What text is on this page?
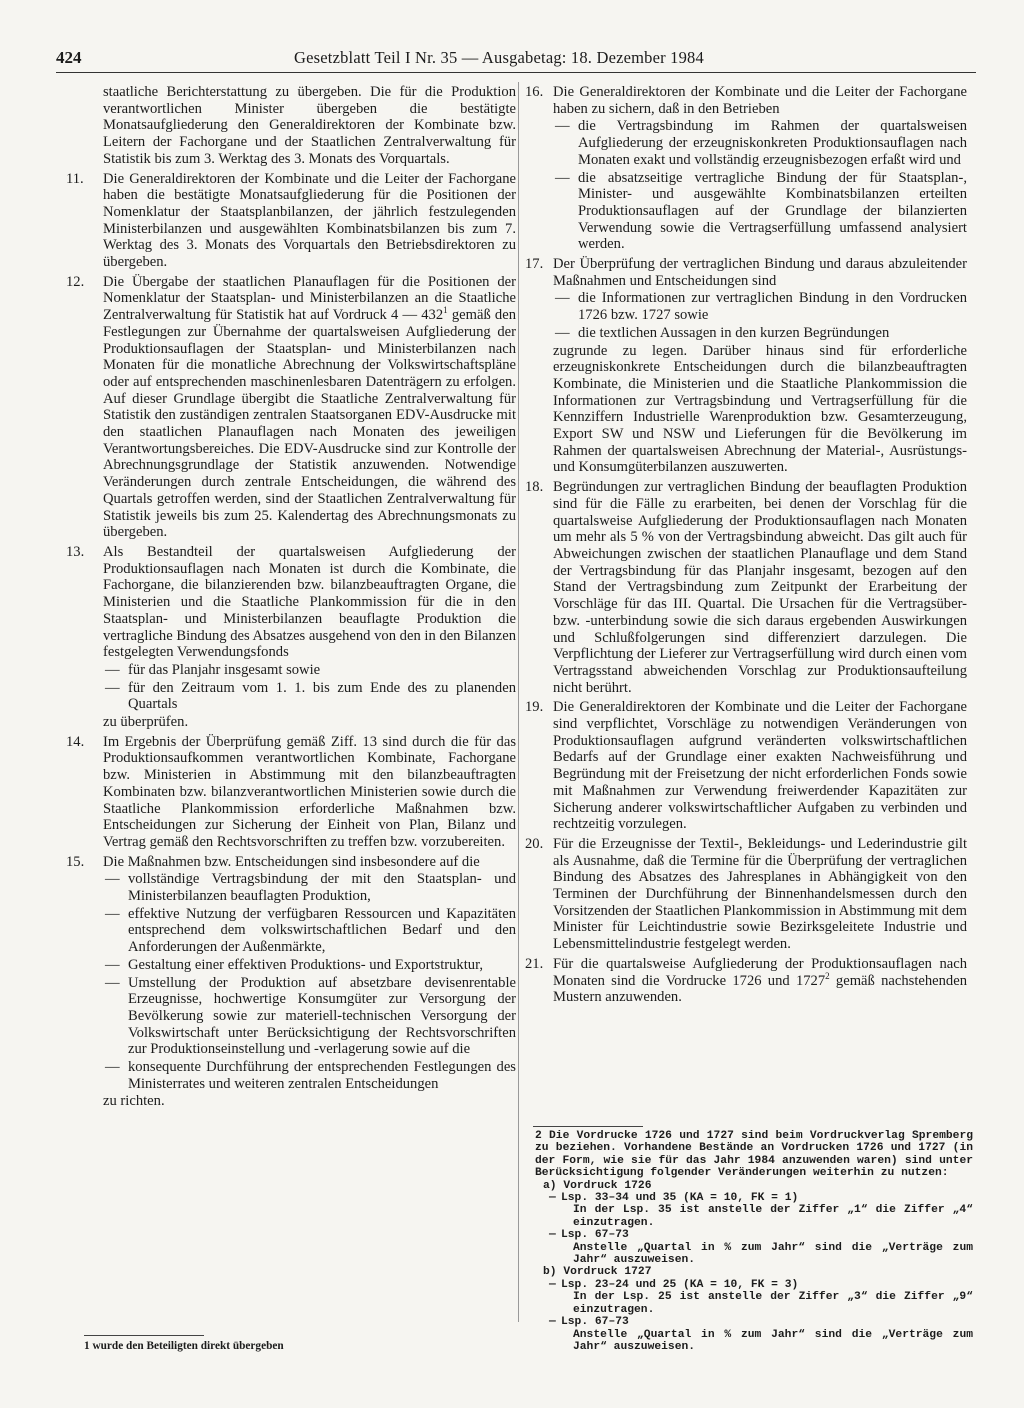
424	Gesetzblatt Teil I Nr. 35 — Ausgabetag: 18. Dezember 1984

staatliche Berichterstattung zu übergeben. Die für die Produktion verantwortlichen Minister übergeben die bestätigte Monatsaufgliederung den Generaldirektoren der Kombinate bzw. Leitern der Fachorgane und der Staatlichen Zentralverwaltung für Statistik bis zum 3. Werktag des 3. Monats des Vorquartals.

11. Die Generaldirektoren der Kombinate und die Leiter der Fachorgane haben die bestätigte Monatsaufgliederung für die Positionen der Nomenklatur der Staatsplanbilanzen, der jährlich festzulegenden Ministerbilanzen und ausgewählten Kombinatsbilanzen bis zum 7. Werktag des 3. Monats des Vorquartals den Betriebsdirektoren zu übergeben.
12. Die Übergabe der staatlichen Planauflagen für die Positionen der Nomenklatur der Staatsplan- und Ministerbilanzen an die Staatliche Zentralverwaltung für Statistik hat auf Vordruck 4 — $432^1$ gemäß den Festlegungen zur Übernahme der quartalsweisen Aufgliederung der Produktionsauflagen der Staatsplan- und Ministerbilanzen nach Monaten für die monatliche Abrechnung der Volkswirtschaftspläne oder auf entsprechenden maschinenlesbaren Datenträgern zu erfolgen. Auf dieser Grundlage übergibt die Staatliche Zentralverwaltung für Statistik den zuständigen zentralen Staatsorganen EDV-Ausdrucke mit den staatlichen Planauflagen nach Monaten des jeweiligen Verantwortungsbereiches. Die EDV-Ausdrucke sind zur Kontrolle der Abrechnungsgrundlage der Statistik anzuwenden. Notwendige Veränderungen durch zentrale Entscheidungen, die während des Quartals getroffen werden, sind der Staatlichen Zentralverwaltung für Statistik jeweils bis zum 25. Kalendertag des Abrechnungsmonats zu übergeben.
13. Als Bestandteil der quartalsweisen Aufgliederung der Produktionsauflagen nach Monaten ist durch die Kombinate, die Fachorgane, die bilanzierenden bzw. bilanzbeauftragten Organe, die Ministerien und die Staatliche Plankommission für die in den Staatsplan- und Ministerbilanzen beauflagte Produktion die vertragliche Bindung des Absatzes ausgehend von den in den Bilanzen festgelegten Verwendungsfonds
— für das Planjahr insgesamt sowie
— für den Zeitraum vom 1. 1. bis zum Ende des zu planenden Quartals
zu überprüfen.
14. Im Ergebnis der Überprüfung gemäß Ziff. 13 sind durch die für das Produktionsaufkommen verantwortlichen Kombinate, Fachorgane bzw. Ministerien in Abstimmung mit den bilanzbeauftragten Kombinaten bzw. bilanzverantwortlichen Ministerien sowie durch die Staatliche Plankommission erforderliche Maßnahmen bzw. Entscheidungen zur Sicherung der Einheit von Plan, Bilanz und Vertrag gemäß den Rechtsvorschriften zu treffen bzw. vorzubereiten.
15. Die Maßnahmen bzw. Entscheidungen sind insbesondere auf die
— vollständige Vertragsbindung der mit den Staatsplan- und Ministerbilanzen beauflagten Produktion,
— effektive Nutzung der verfügbaren Ressourcen und Kapazitäten entsprechend dem volkswirtschaftlichen Bedarf und den Anforderungen der Außenmärkte,
— Gestaltung einer effektiven Produktions- und Exportstruktur,
— Umstellung der Produktion auf absetzbare devisenrentable Erzeugnisse, hochwertige Konsumgüter zur Versorgung der Bevölkerung sowie zur materiell-technischen Versorgung der Volkswirtschaft unter Berücksichtigung der Rechtsvorschriften zur Produktionseinstellung und -verlagerung sowie auf die
— konsequente Durchführung der entsprechenden Festlegungen des Ministerrates und weiteren zentralen Entscheidungen
zu richten.
16. Die Generaldirektoren der Kombinate und die Leiter der Fachorgane haben zu sichern, daß in den Betrieben
— die Vertragsbindung im Rahmen der quartalsweisen Aufgliederung der erzeugniskonkreten Produktionsauflagen nach Monaten exakt und vollständig erzeugnisbezogen erfaßt wird und
— die absatzseitige vertragliche Bindung der für Staatsplan-, Minister- und ausgewählte Kombinatsbilanzen erteilten Produktionsauflagen auf der Grundlage der bilanzierten Verwendung sowie die Vertragserfüllung umfassend analysiert werden.
17. Der Überprüfung der vertraglichen Bindung und daraus abzuleitender Maßnahmen und Entscheidungen sind
— die Informationen zur vertraglichen Bindung in den Vordrucken 1726 bzw. 1727 sowie
— die textlichen Aussagen in den kurzen Begründungen
zugrunde zu legen. Darüber hinaus sind für erforderliche erzeugniskonkrete Entscheidungen durch die bilanzbeauftragten Kombinate, die Ministerien und die Staatliche Plankommission die Informationen zur Vertragsbindung und Vertragserfüllung für die Kennziffern Industrielle Warenproduktion bzw. Gesamterzeugung, Export SW und NSW und Lieferungen für die Bevölkerung im Rahmen der quartalsweisen Abrechnung der Material-, Ausrüstungs- und Konsumgüterbilanzen auszuwerten.
18. Begründungen zur vertraglichen Bindung der beauflagten Produktion sind für die Fälle zu erarbeiten, bei denen der Vorschlag für die quartalsweise Aufgliederung der Produktionsauflagen nach Monaten um mehr als 5 % von der Vertragsbindung abweicht. Das gilt auch für Abweichungen zwischen der staatlichen Planauflage und dem Stand der Vertragsbindung für das Planjahr insgesamt, bezogen auf den Stand der Vertragsbindung zum Zeitpunkt der Erarbeitung der Vorschläge für das III. Quartal. Die Ursachen für die Vertragsüber- bzw. -unterbindung sowie die sich daraus ergebenden Auswirkungen und Schlußfolgerungen sind differenziert darzulegen. Die Verpflichtung der Lieferer zur Vertragserfüllung wird durch einen vom Vertragsstand abweichenden Vorschlag zur Produktionsaufteilung nicht berührt.
19. Die Generaldirektoren der Kombinate und die Leiter der Fachorgane sind verpflichtet, Vorschläge zu notwendigen Veränderungen von Produktionsauflagen aufgrund veränderten volkswirtschaftlichen Bedarfs auf der Grundlage einer exakten Nachweisführung und Begründung mit der Freisetzung der nicht erforderlichen Fonds sowie mit Maßnahmen zur Verwendung freiwerdender Kapazitäten zur Sicherung anderer volkswirtschaftlicher Aufgaben zu verbinden und rechtzeitig vorzulegen.
20. Für die Erzeugnisse der Textil-, Bekleidungs- und Lederindustrie gilt als Ausnahme, daß die Termine für die Überprüfung der vertraglichen Bindung des Absatzes des Jahresplanes in Abhängigkeit von den Terminen der Durchführung der Binnenhandelsmessen durch den Vorsitzenden der Staatlichen Plankommission in Abstimmung mit dem Minister für Leichtindustrie sowie Bezirksgeleitete Industrie und Lebensmittelindustrie festgelegt werden.
21. Für die quartalsweise Aufgliederung der Produktionsauflagen nach Monaten sind die Vordrucke 1726 und 1727$^2$ gemäß nachstehenden Mustern anzuwenden.
2 Die Vordrucke 1726 und 1727 sind beim Vordruckverlag Spremberg zu beziehen. Vorhandene Bestände an Vordrucken 1726 und 1727 (in der Form, wie sie für das Jahr 1984 anzuwenden waren) sind unter Berücksichtigung folgender Veränderungen weiterhin zu nutzen:
a) Vordruck 1726
— Lsp. 33–34 und 35 (KA = 10, FK = 1)
In der Lsp. 35 ist anstelle der Ziffer „1“ die Ziffer „4“ einzutragen.
— Lsp. 67–73
Anstelle „Quartal in % zum Jahr“ sind die „Verträge zum Jahr“ auszuweisen.
b) Vordruck 1727
— Lsp. 23–24 und 25 (KA = 10, FK = 3)
In der Lsp. 25 ist anstelle der Ziffer „3“ die Ziffer „9“ einzutragen.
— Lsp. 67–73
Anstelle „Quartal in % zum Jahr“ sind die „Verträge zum Jahr“ auszuweisen.
1 wurde den Beteiligten direkt übergeben
